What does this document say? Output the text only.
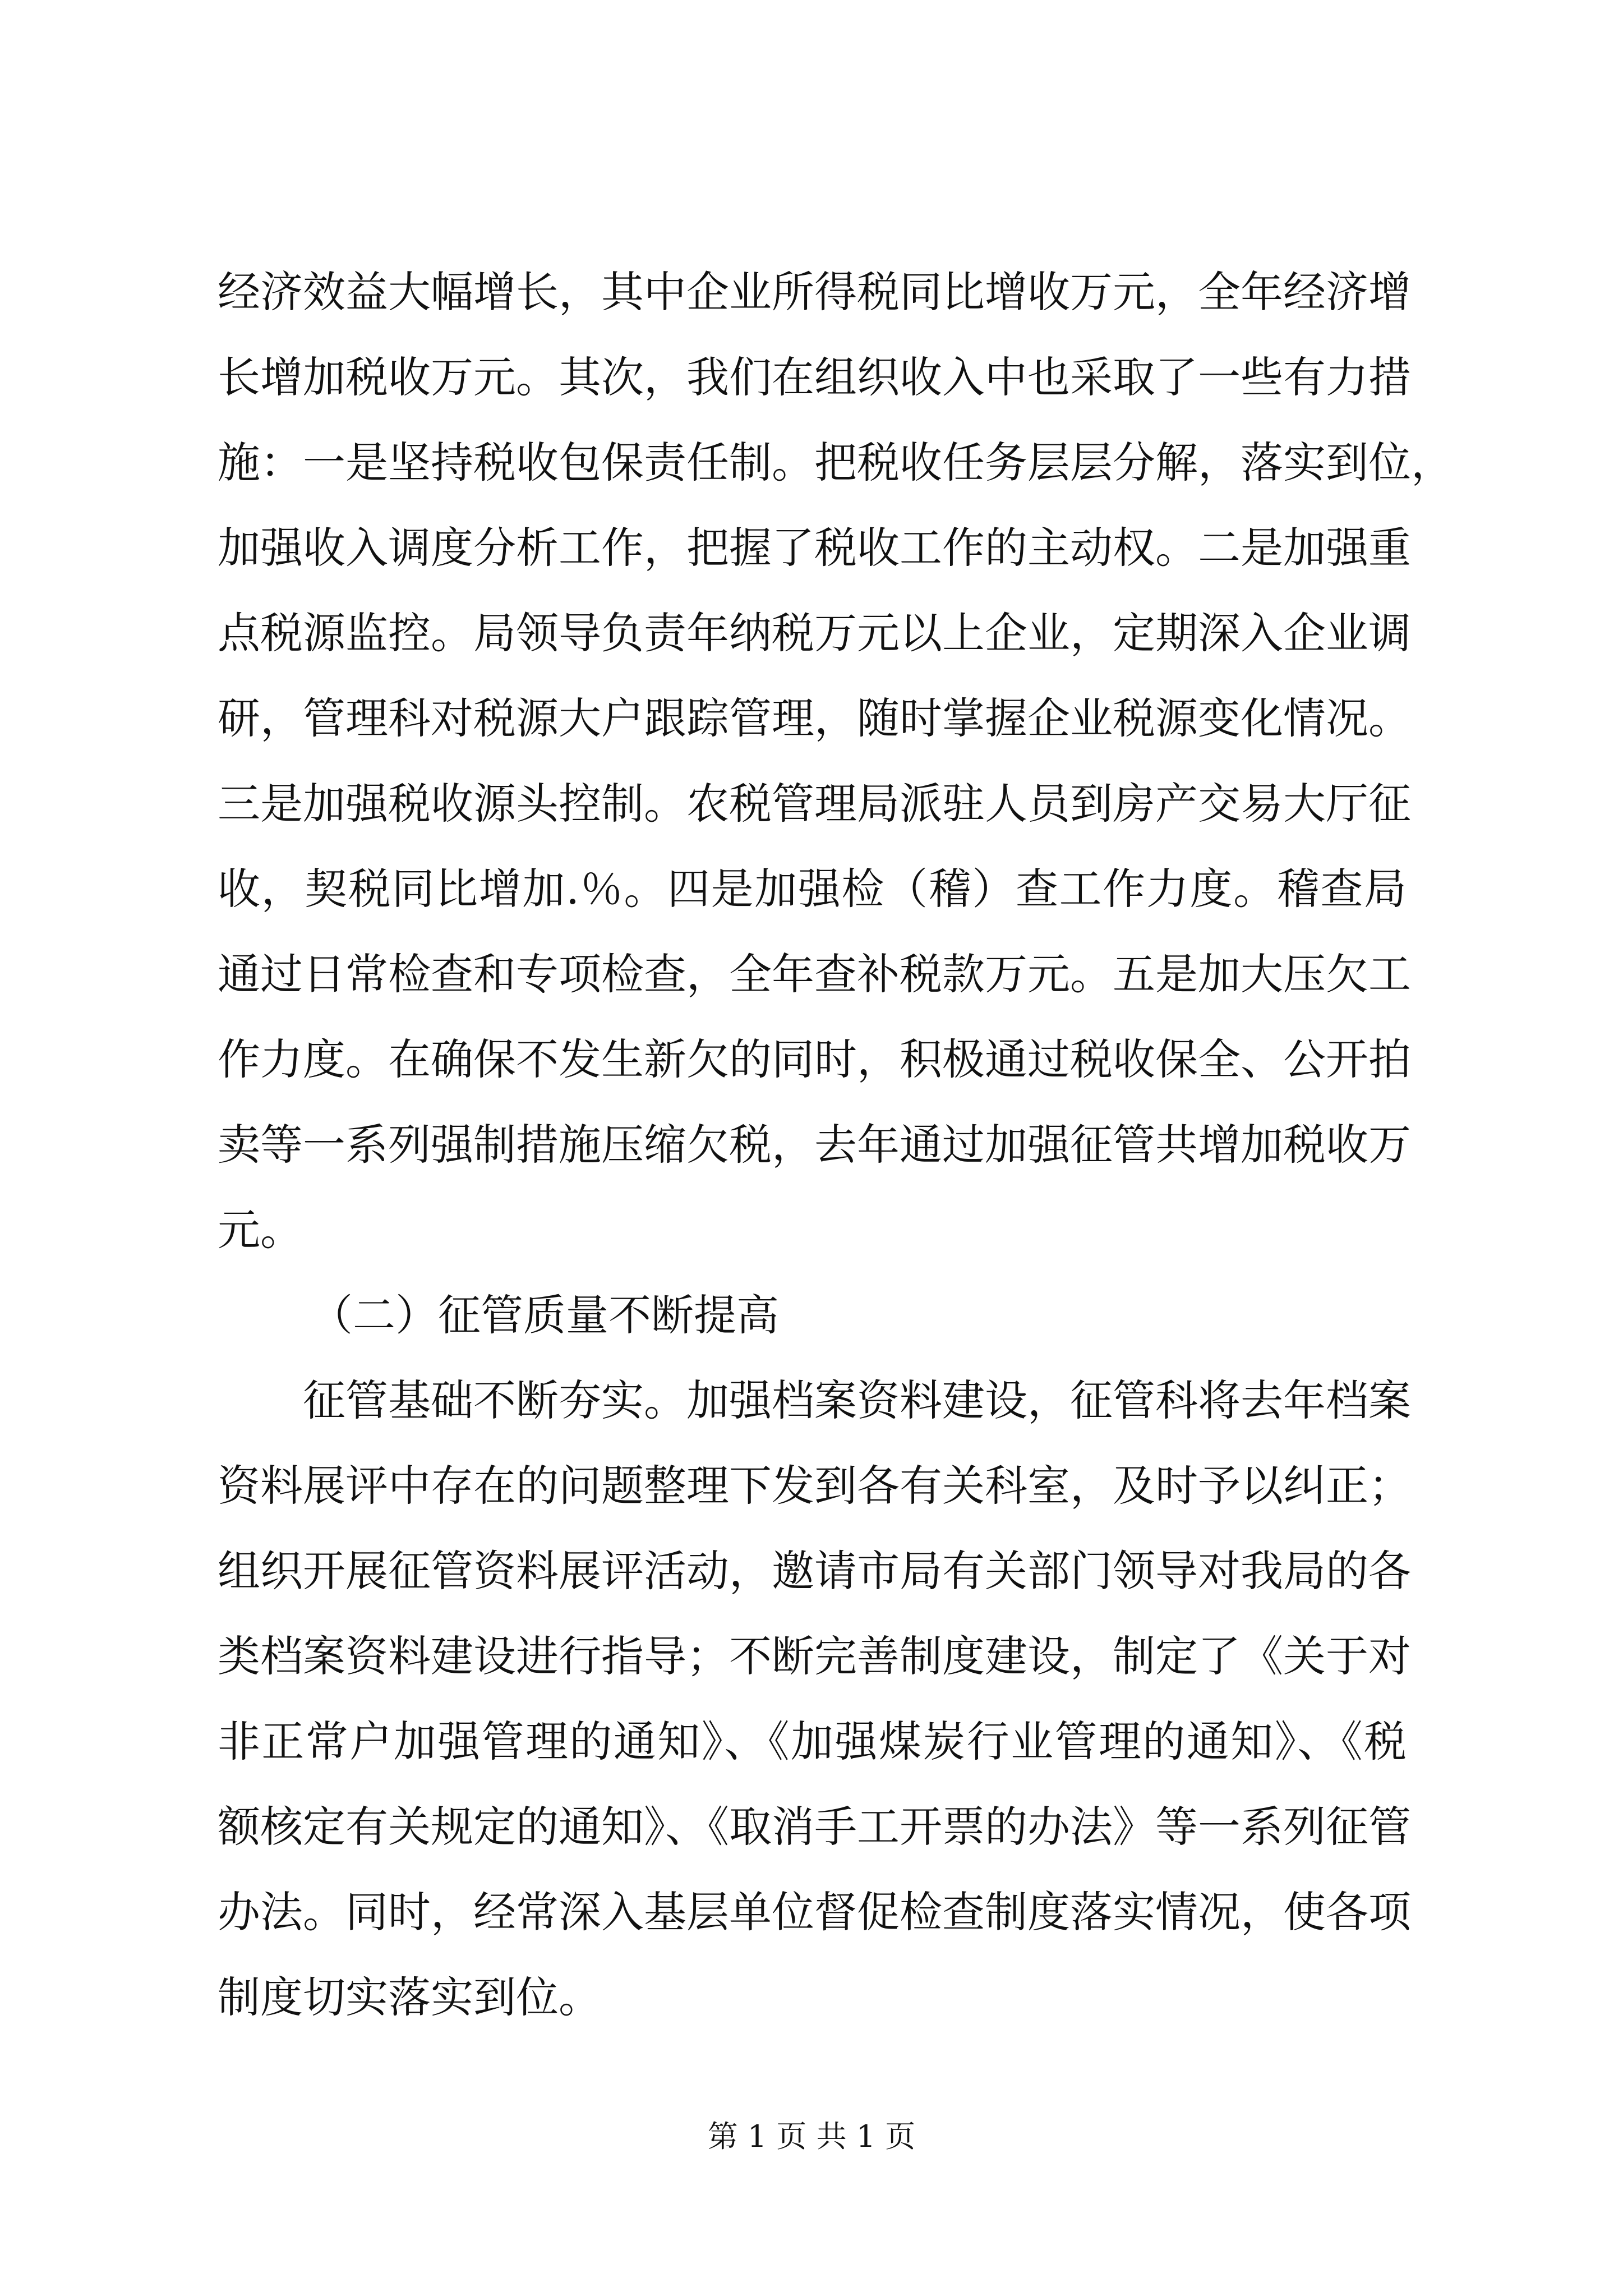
经济效益大幅增长，其中企业所得税同比增收万元，全年经济增
长增加税收万元。其次，我们在组织收入中也采取了一些有力措
施：一是坚持税收包保责任制。把税收任务层层分解，落实到位，
加强收入调度分析工作，把握了税收工作的主动权。二是加强重
点税源监控。局领导负责年纳税万元以上企业，定期深入企业调
研，管理科对税源大户跟踪管理，随时掌握企业税源变化情况。
三是加强税收源头控制。农税管理局派驻人员到房产交易大厅征
收，契税同比增加.％。四是加强检（稽）查工作力度。稽查局
通过日常检查和专项检查，全年查补税款万元。五是加大压欠工
作力度。在确保不发生新欠的同时，积极通过税收保全、公开拍
卖等一系列强制措施压缩欠税，去年通过加强征管共增加税收万
元。
（二）征管质量不断提高
征管基础不断夯实。加强档案资料建设，征管科将去年档案
资料展评中存在的问题整理下发到各有关科室，及时予以纠正；
组织开展征管资料展评活动，邀请市局有关部门领导对我局的各
类档案资料建设进行指导；不断完善制度建设，制定了《关于对
非正常户加强管理的通知》、《加强煤炭行业管理的通知》、《税
额核定有关规定的通知》、《取消手工开票的办法》等一系列征管
办法。同时，经常深入基层单位督促检查制度落实情况，使各项
制度切实落实到位。
第 1 页 共 1 页
